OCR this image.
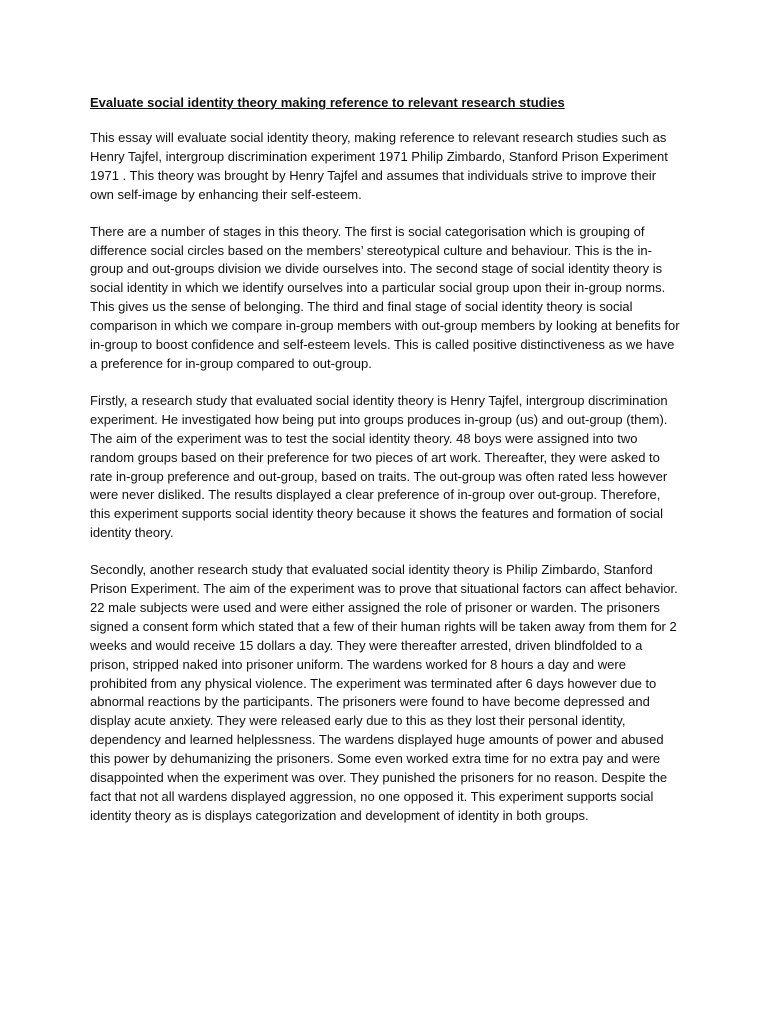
Evaluate social identity theory making reference to relevant research studies

This essay will evaluate social identity theory, making reference to relevant research studies such as Henry Tajfel, intergroup discrimination experiment 1971 Philip Zimbardo, Stanford Prison Experiment 1971 . This theory was brought by Henry Tajfel and assumes that individuals strive to improve their own self-image by enhancing their self-esteem.

There are a number of stages in this theory. The first is social categorisation which is grouping of difference social circles based on the members’ stereotypical culture and behaviour. This is the in-group and out-groups division we divide ourselves into. The second stage of social identity theory is social identity in which we identify ourselves into a particular social group upon their in-group norms. This gives us the sense of belonging. The third and final stage of social identity theory is social comparison in which we compare in-group members with out-group members by looking at benefits for in-group to boost confidence and self-esteem levels. This is called positive distinctiveness as we have a preference for in-group compared to out-group.

Firstly, a research study that evaluated social identity theory is Henry Tajfel, intergroup discrimination experiment. He investigated how being put into groups produces in-group (us) and out-group (them). The aim of the experiment was to test the social identity theory. 48 boys were assigned into two random groups based on their preference for two pieces of art work. Thereafter, they were asked to rate in-group preference and out-group, based on traits. The out-group was often rated less however were never disliked. The results displayed a clear preference of in-group over out-group. Therefore, this experiment supports social identity theory because it shows the features and formation of social identity theory.

Secondly, another research study that evaluated social identity theory is Philip Zimbardo, Stanford Prison Experiment. The aim of the experiment was to prove that situational factors can affect behavior. 22 male subjects were used and were either assigned the role of prisoner or warden. The prisoners signed a consent form which stated that a few of their human rights will be taken away from them for 2 weeks and would receive 15 dollars a day. They were thereafter arrested, driven blindfolded to a prison, stripped naked into prisoner uniform. The wardens worked for 8 hours a day and were prohibited from any physical violence. The experiment was terminated after 6 days however due to abnormal reactions by the participants. The prisoners were found to have become depressed and display acute anxiety. They were released early due to this as they lost their personal identity, dependency and learned helplessness. The wardens displayed huge amounts of power and abused this power by dehumanizing the prisoners. Some even worked extra time for no extra pay and were disappointed when the experiment was over. They punished the prisoners for no reason. Despite the fact that not all wardens displayed aggression, no one opposed it. This experiment supports social identity theory as is displays categorization and development of identity in both groups.
